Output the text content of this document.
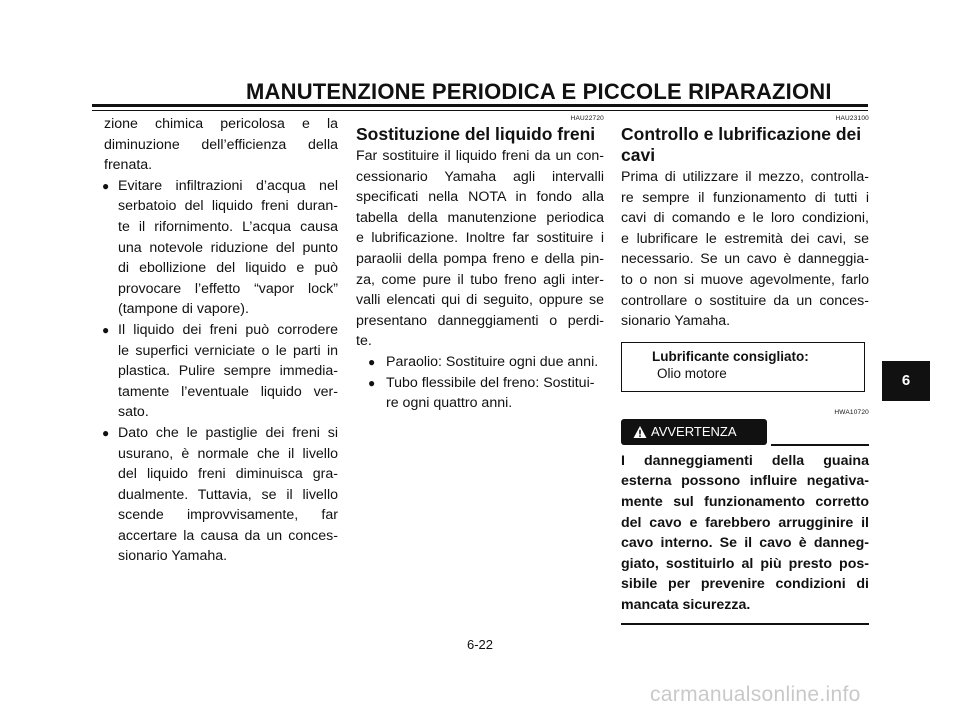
MANUTENZIONE PERIODICA E PICCOLE RIPARAZIONI
zione chimica pericolosa e la
diminuzione dell’efficienza della
frenata.
● Evitare infiltrazioni d’acqua nel
serbatoio del liquido freni duran-
te il rifornimento. L’acqua causa
una notevole riduzione del punto
di ebollizione del liquido e può
provocare l’effetto “vapor lock”
(tampone di vapore).
● Il liquido dei freni può corrodere
le superfici verniciate o le parti in
plastica. Pulire sempre immedia-
tamente l’eventuale liquido ver-
sato.
● Dato che le pastiglie dei freni si
usurano, è normale che il livello
del liquido freni diminuisca gra-
dualmente. Tuttavia, se il livello
scende improvvisamente, far
accertare la causa da un conces-
sionario Yamaha.
HAU22720
Sostituzione del liquido freni
Far sostituire il liquido freni da un con-
cessionario Yamaha agli intervalli
specificati nella NOTA in fondo alla
tabella della manutenzione periodica
e lubrificazione. Inoltre far sostituire i
paraolii della pompa freno e della pin-
za, come pure il tubo freno agli inter-
valli elencati qui di seguito, oppure se
presentano danneggiamenti o perdi-
te.
● Paraolio: Sostituire ogni due anni.
● Tubo flessibile del freno: Sostitui-
re ogni quattro anni.
HAU23100
Controllo e lubrificazione dei
cavi
Prima di utilizzare il mezzo, controlla-
re sempre il funzionamento di tutti i
cavi di comando e le loro condizioni,
e lubrificare le estremità dei cavi, se
necessario. Se un cavo è danneggia-
to o non si muove agevolmente, farlo
controllare o sostituire da un conces-
sionario Yamaha.
Lubrificante consigliato:
Olio motore
HWA10720
AVVERTENZA
I danneggiamenti della guaina
esterna possono influire negativa-
mente sul funzionamento corretto
del cavo e farebbero arrugginire il
cavo interno. Se il cavo è danneg-
giato, sostituirlo al più presto pos-
sibile per prevenire condizioni di
mancata sicurezza.
6
6-22
carmanualsonline.info
